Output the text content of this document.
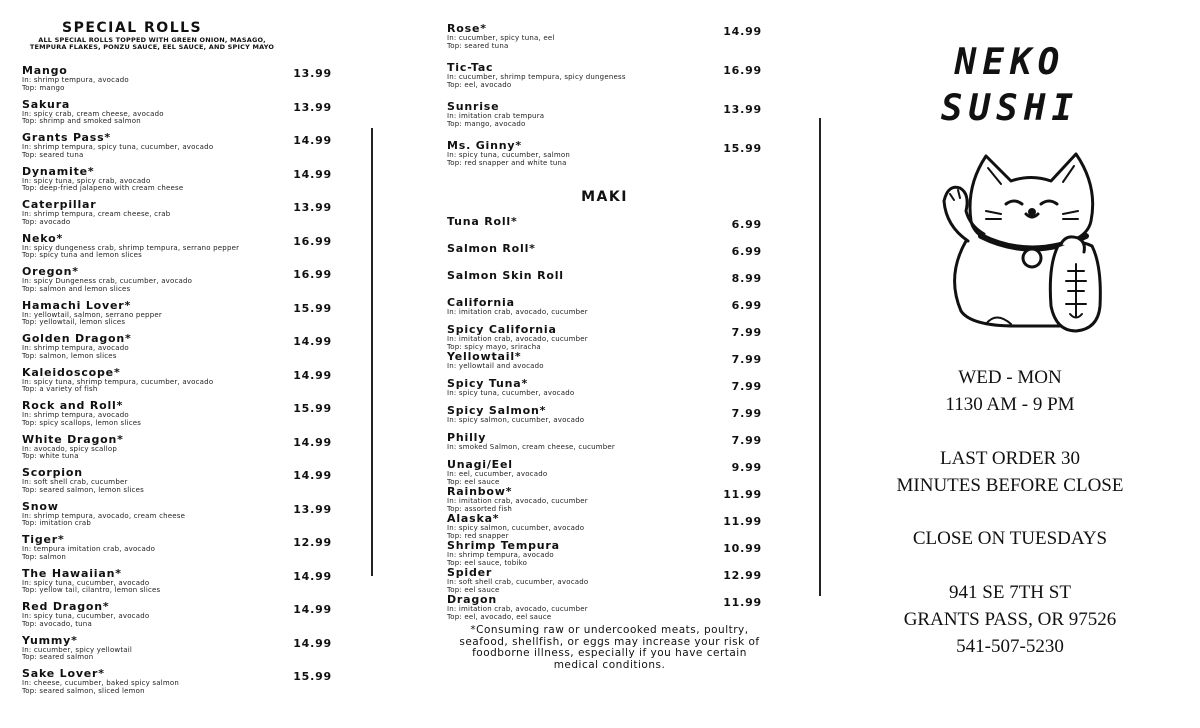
SPECIAL ROLLS
ALL SPECIAL ROLLS TOPPED WITH GREEN ONION, MASAGO, TEMPURA FLAKES, PONZU SAUCE, EEL SAUCE, AND SPICY MAYO
Mango
In: shrimp tempura, avocado
Top: mango
13.99
Sakura
In: spicy crab, cream cheese, avocado
Top: shrimp and smoked salmon
13.99
Grants Pass*
In: shrimp tempura, spicy tuna, cucumber, avocado
Top: seared tuna
14.99
Dynamite*
In: spicy tuna, spicy crab, avocado
Top: deep-fried jalapeno with cream cheese
14.99
Caterpillar
In: shrimp tempura, cream cheese, crab
Top: avocado
13.99
Neko*
In: spicy dungeness crab, shrimp tempura, serrano pepper
Top: spicy tuna and lemon slices
16.99
Oregon*
In: spicy Dungeness crab, cucumber, avocado
Top: salmon and lemon slices
16.99
Hamachi Lover*
In: yellowtail, salmon, serrano pepper
Top: yellowtail, lemon slices
15.99
Golden Dragon*
In: shrimp tempura, avocado
Top: salmon, lemon slices
14.99
Kaleidoscope*
In: spicy tuna, shrimp tempura, cucumber, avocado
Top: a variety of fish
14.99
Rock and Roll*
In: shrimp tempura, avocado
Top: spicy scallops, lemon slices
15.99
White Dragon*
In: avocado, spicy scallop
Top: white tuna
14.99
Scorpion
In: soft shell crab, cucumber
Top: seared salmon, lemon slices
14.99
Snow
In: shrimp tempura, avocado, cream cheese
Top: imitation crab
13.99
Tiger*
In: tempura imitation crab, avocado
Top: salmon
12.99
The Hawaiian*
In: spicy tuna, cucumber, avocado
Top: yellow tail, cilantro, lemon slices
14.99
Red Dragon*
In: spicy tuna, cucumber, avocado
Top: avocado, tuna
14.99
Yummy*
In: cucumber, spicy yellowtail
Top: seared salmon
14.99
Sake Lover*
In: cheese, cucumber, baked spicy salmon
Top: seared salmon, sliced lemon
15.99
Rose*
In: cucumber, spicy tuna, eel
Top: seared tuna
14.99
Tic-Tac
In: cucumber, shrimp tempura, spicy dungeness
Top: eel, avocado
16.99
Sunrise
In: imitation crab tempura
Top: mango, avocado
13.99
Ms. Ginny*
In: spicy tuna, cucumber, salmon
Top: red snapper and white tuna
15.99
MAKI
Tuna Roll*	6.99
Salmon Roll*	6.99
Salmon Skin Roll	8.99
California
In: imitation crab, avocado, cucumber	6.99
Spicy California
In: imitation crab, avocado, cucumber
Top: spicy mayo, sriracha
7.99
Yellowtail*
In: yellowtail and avocado	7.99
Spicy Tuna*
In: spicy tuna, cucumber, avocado	7.99
Spicy Salmon*
In: spicy salmon, cucumber, avocado	7.99
Philly
In: smoked Salmon, cream cheese, cucumber	7.99
Unagi/Eel
In: eel, cucumber, avocado
Top: eel sauce
9.99
Rainbow*
In: imitation crab, avocado, cucumber
Top: assorted fish
11.99
Alaska*
In: spicy salmon, cucumber, avocado
Top: red snapper
11.99
Shrimp Tempura
In: shrimp tempura, avocado
Top: eel sauce, tobiko
10.99
Spider
In: soft shell crab, cucumber, avocado
Top: eel sauce
12.99
Dragon
In: imitation crab, avocado, cucumber
Top: eel, avocado, eel sauce
11.99
*Consuming raw or undercooked meats, poultry, seafood, shellfish, or eggs may increase your risk of foodborne illness, especially if you have certain medical conditions.
NEKO
SUSHI
WED - MON
1130 AM - 9 PM
LAST ORDER 30
MINUTES BEFORE CLOSE
CLOSE ON TUESDAYS
941 SE 7TH ST
GRANTS PASS, OR 97526
541-507-5230
